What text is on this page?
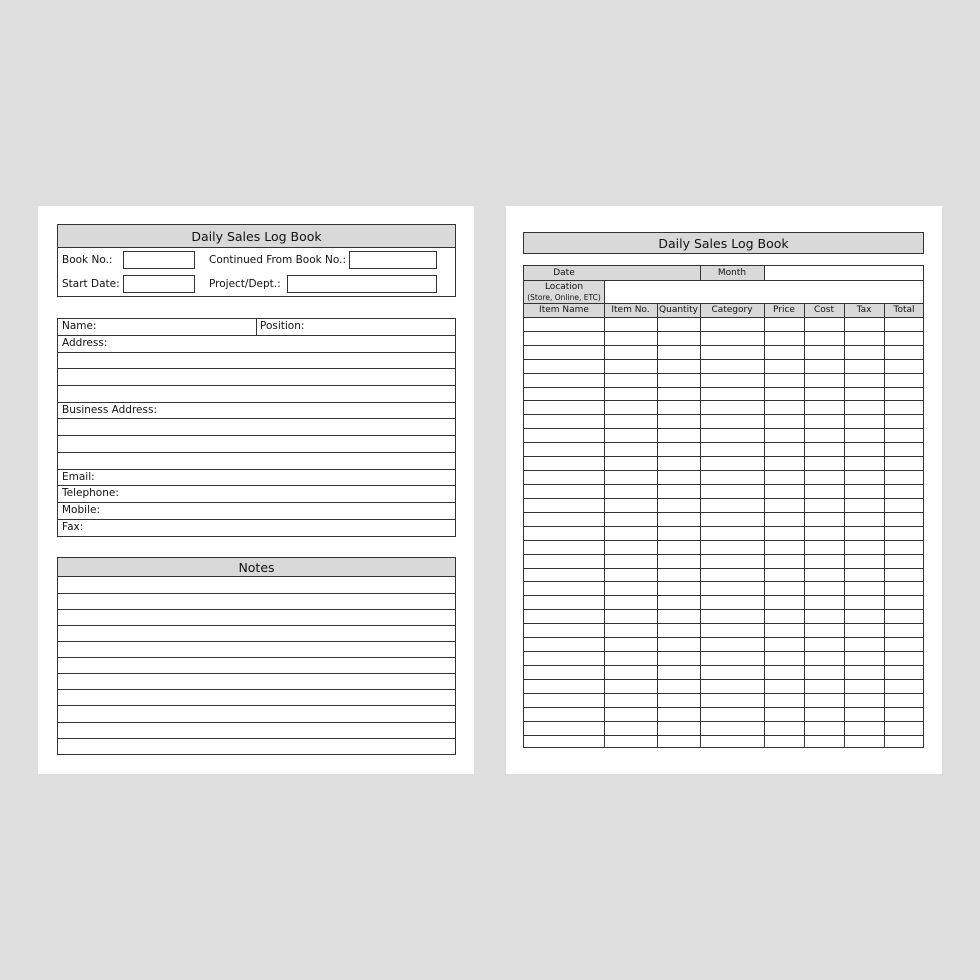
Daily Sales Log Book
Book No.:	Continued From Book No.:
Start Date:	Project/Dept.:
Name:	Position:
Address:
Business Address:
Email:
Telephone:
Mobile:
Fax:
Notes
Daily Sales Log Book
Date	Month
Location
(Store, Online, ETC)
Item Name	Item No.	Quantity	Category	Price	Cost	Tax	Total
